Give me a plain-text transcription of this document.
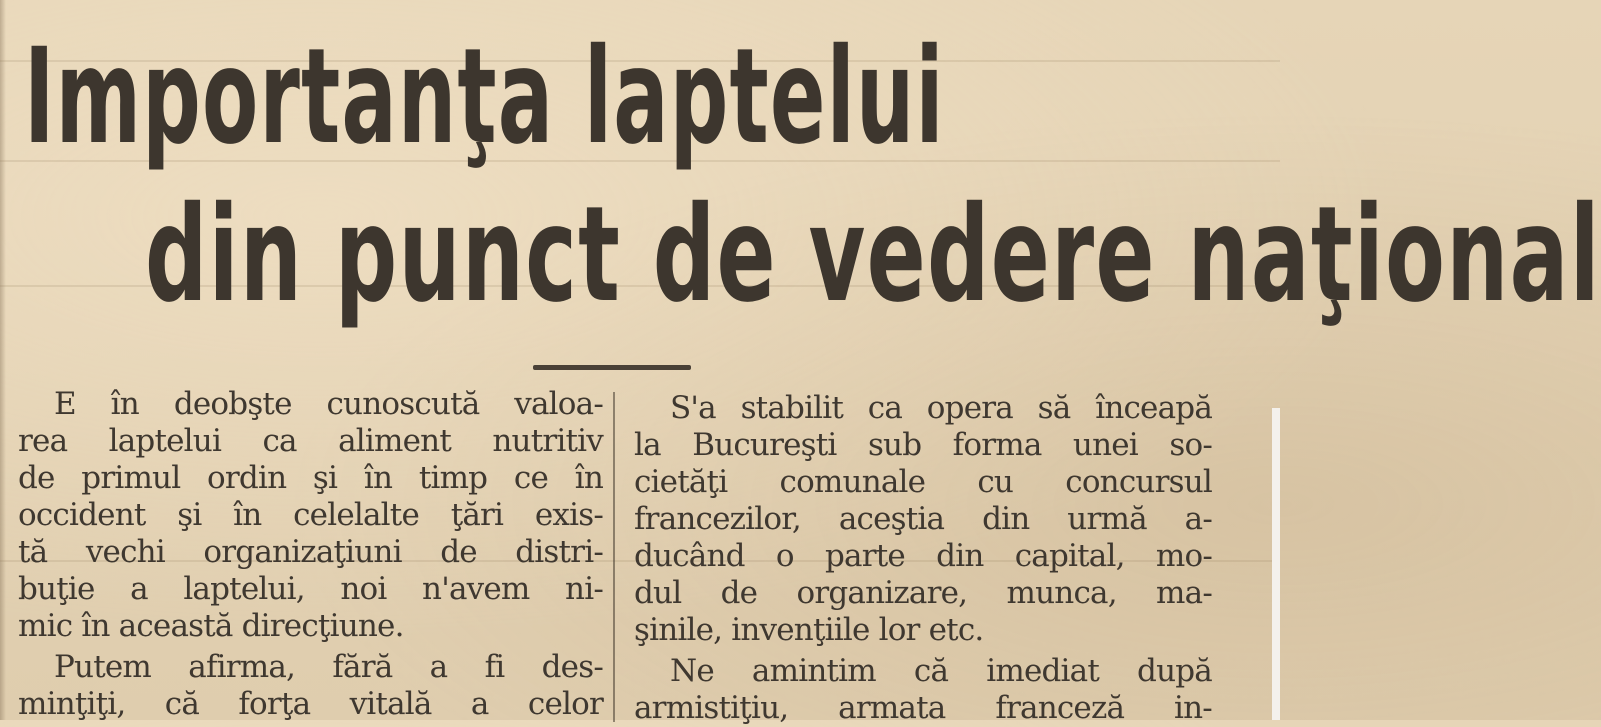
Importanţa laptelui
din punct de vedere naţional
E în deobşte cunoscută valoa-
rea laptelui ca aliment nutritiv
de primul ordin şi în timp ce în
occident şi în celelalte ţări exis-
tă vechi organizaţiuni de distri-
buţie a laptelui, noi n'avem ni-
mic în această direcţiune.
Putem afirma, fără a fi des-
minţiţi, că forţa vitală a celor
S'a stabilit ca opera să înceapă
la Bucureşti sub forma unei so-
cietăţi comunale cu concursul
francezilor, aceştia din urmă a-
ducând o parte din capital, mo-
dul de organizare, munca, ma-
şinile, invenţiile lor etc.
Ne amintim că imediat după
armistiţiu, armata franceză in-
